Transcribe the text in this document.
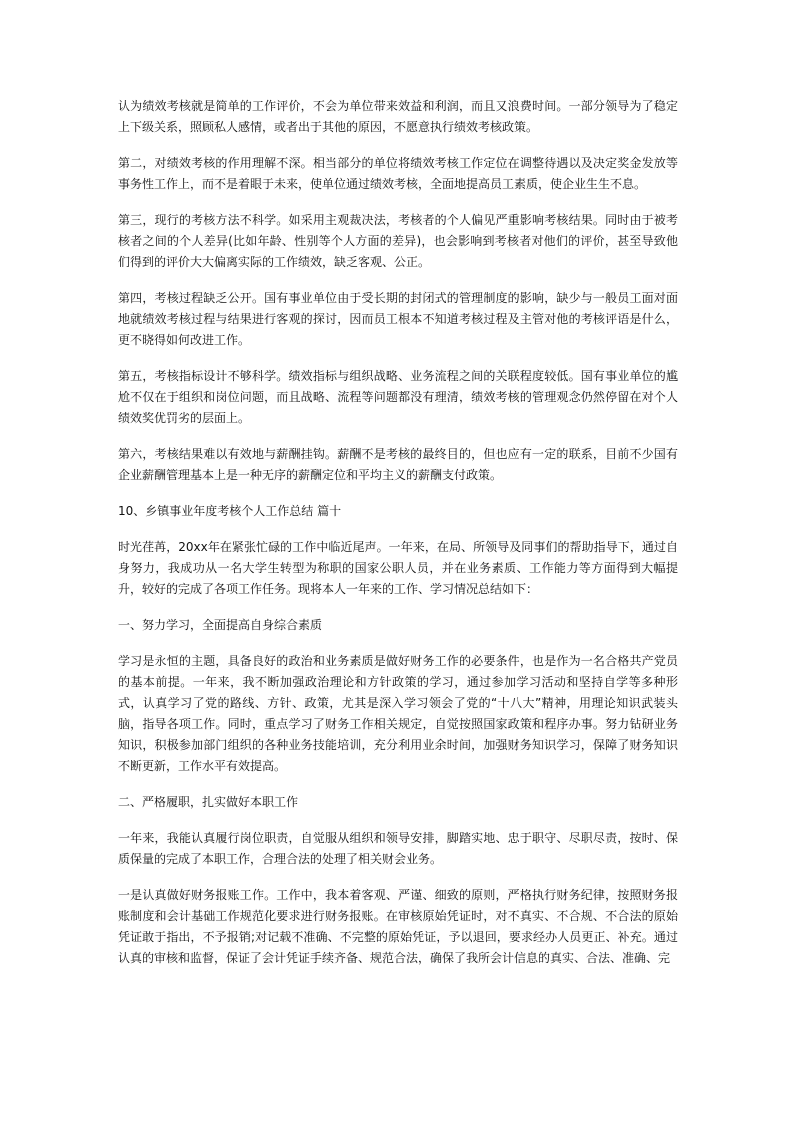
认为绩效考核就是简单的工作评价，不会为单位带来效益和利润，而且又浪费时间。一部分领导为了稳定上下级关系，照顾私人感情，或者出于其他的原因，不愿意执行绩效考核政策。

第二，对绩效考核的作用理解不深。相当部分的单位将绩效考核工作定位在调整待遇以及决定奖金发放等事务性工作上，而不是着眼于未来，使单位通过绩效考核，全面地提高员工素质，使企业生生不息。

第三，现行的考核方法不科学。如采用主观裁决法，考核者的个人偏见严重影响考核结果。同时由于被考核者之间的个人差异(比如年龄、性别等个人方面的差异)，也会影响到考核者对他们的评价，甚至导致他们得到的评价大大偏离实际的工作绩效，缺乏客观、公正。

第四，考核过程缺乏公开。国有事业单位由于受长期的封闭式的管理制度的影响，缺少与一般员工面对面地就绩效考核过程与结果进行客观的探讨，因而员工根本不知道考核过程及主管对他的考核评语是什么，更不晓得如何改进工作。

第五，考核指标设计不够科学。绩效指标与组织战略、业务流程之间的关联程度较低。国有事业单位的尴尬不仅在于组织和岗位问题，而且战略、流程等问题都没有理清，绩效考核的管理观念仍然停留在对个人绩效奖优罚劣的层面上。

第六，考核结果难以有效地与薪酬挂钩。薪酬不是考核的最终目的，但也应有一定的联系，目前不少国有企业薪酬管理基本上是一种无序的薪酬定位和平均主义的薪酬支付政策。

10、乡镇事业年度考核个人工作总结 篇十

时光荏苒，20xx年在紧张忙碌的工作中临近尾声。一年来，在局、所领导及同事们的帮助指导下，通过自身努力，我成功从一名大学生转型为称职的国家公职人员，并在业务素质、工作能力等方面得到大幅提升，较好的完成了各项工作任务。现将本人一年来的工作、学习情况总结如下：

一、努力学习，全面提高自身综合素质

学习是永恒的主题，具备良好的政治和业务素质是做好财务工作的必要条件，也是作为一名合格共产党员的基本前提。一年来，我不断加强政治理论和方针政策的学习，通过参加学习活动和坚持自学等多种形式，认真学习了党的路线、方针、政策，尤其是深入学习领会了党的“十八大”精神，用理论知识武装头脑，指导各项工作。同时，重点学习了财务工作相关规定，自觉按照国家政策和程序办事。努力钻研业务知识，积极参加部门组织的各种业务技能培训，充分利用业余时间，加强财务知识学习，保障了财务知识不断更新，工作水平有效提高。

二、严格履职，扎实做好本职工作

一年来，我能认真履行岗位职责，自觉服从组织和领导安排，脚踏实地、忠于职守、尽职尽责，按时、保质保量的完成了本职工作，合理合法的处理了相关财会业务。

一是认真做好财务报账工作。工作中，我本着客观、严谨、细致的原则，严格执行财务纪律，按照财务报账制度和会计基础工作规范化要求进行财务报账。在审核原始凭证时，对不真实、不合规、不合法的原始凭证敢于指出，不予报销;对记载不准确、不完整的原始凭证，予以退回，要求经办人员更正、补充。通过认真的审核和监督，保证了会计凭证手续齐备、规范合法，确保了我所会计信息的真实、合法、准确、完
